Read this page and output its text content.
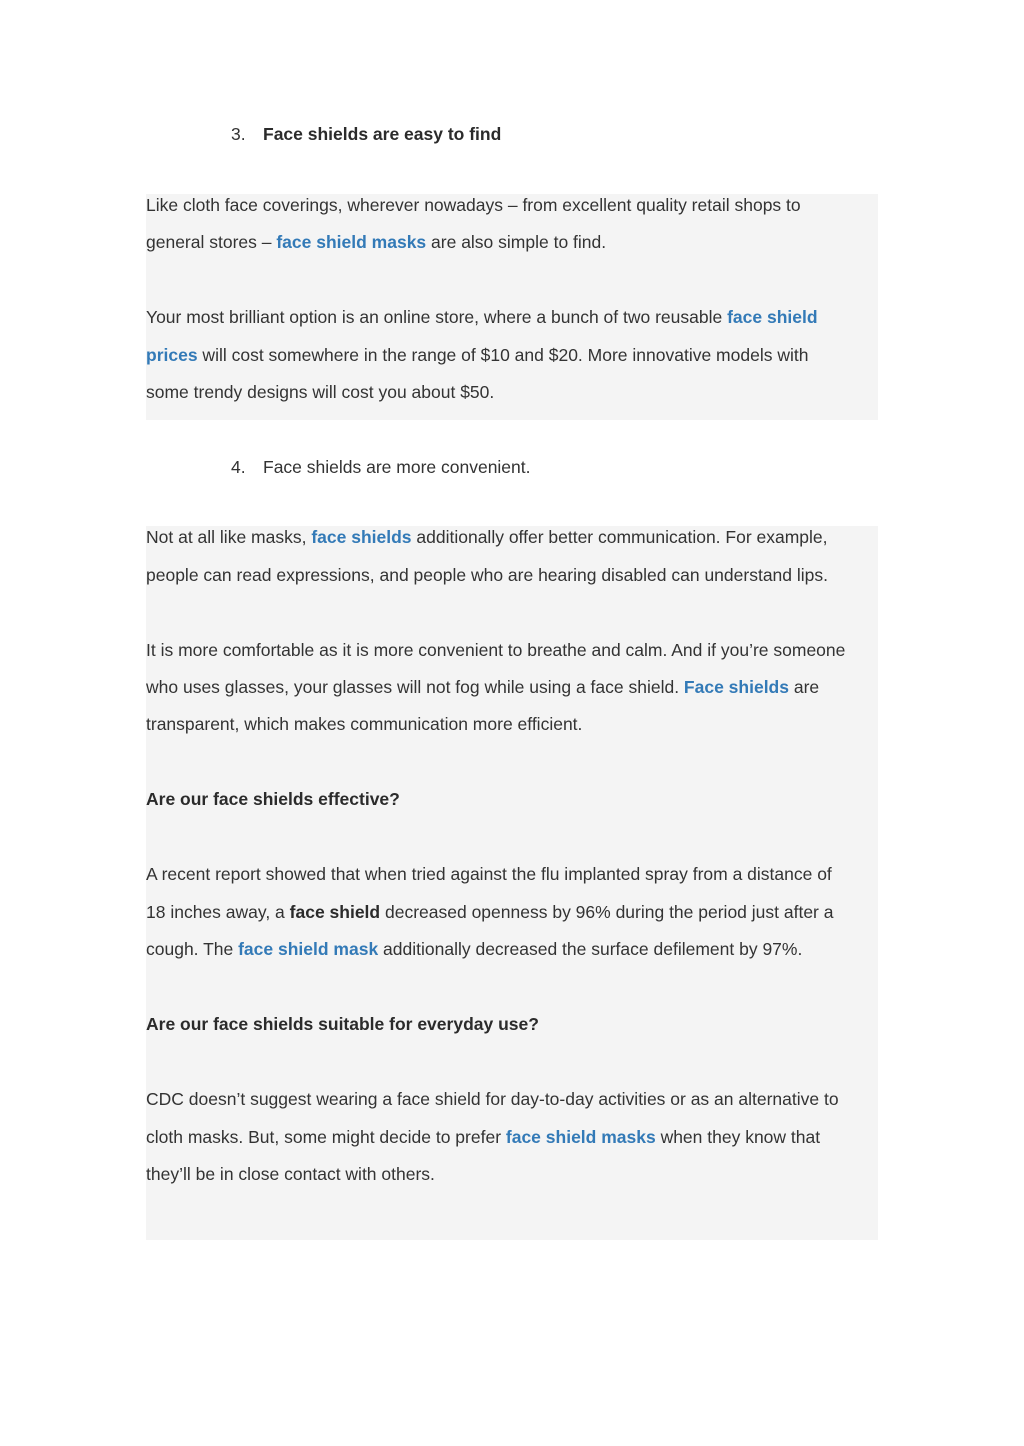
3. Face shields are easy to find
Like cloth face coverings, wherever nowadays – from excellent quality retail shops to
general stores – face shield masks are also simple to find.
Your most brilliant option is an online store, where a bunch of two reusable face shield
prices will cost somewhere in the range of $10 and $20. More innovative models with
some trendy designs will cost you about $50.
4. Face shields are more convenient.
Not at all like masks, face shields additionally offer better communication. For example,
people can read expressions, and people who are hearing disabled can understand lips.
It is more comfortable as it is more convenient to breathe and calm. And if you’re someone
who uses glasses, your glasses will not fog while using a face shield. Face shields are
transparent, which makes communication more efficient.
Are our face shields effective?
A recent report showed that when tried against the flu implanted spray from a distance of
18 inches away, a face shield decreased openness by 96% during the period just after a
cough. The face shield mask additionally decreased the surface defilement by 97%.
Are our face shields suitable for everyday use?
CDC doesn’t suggest wearing a face shield for day-to-day activities or as an alternative to
cloth masks. But, some might decide to prefer face shield masks when they know that
they’ll be in close contact with others.
